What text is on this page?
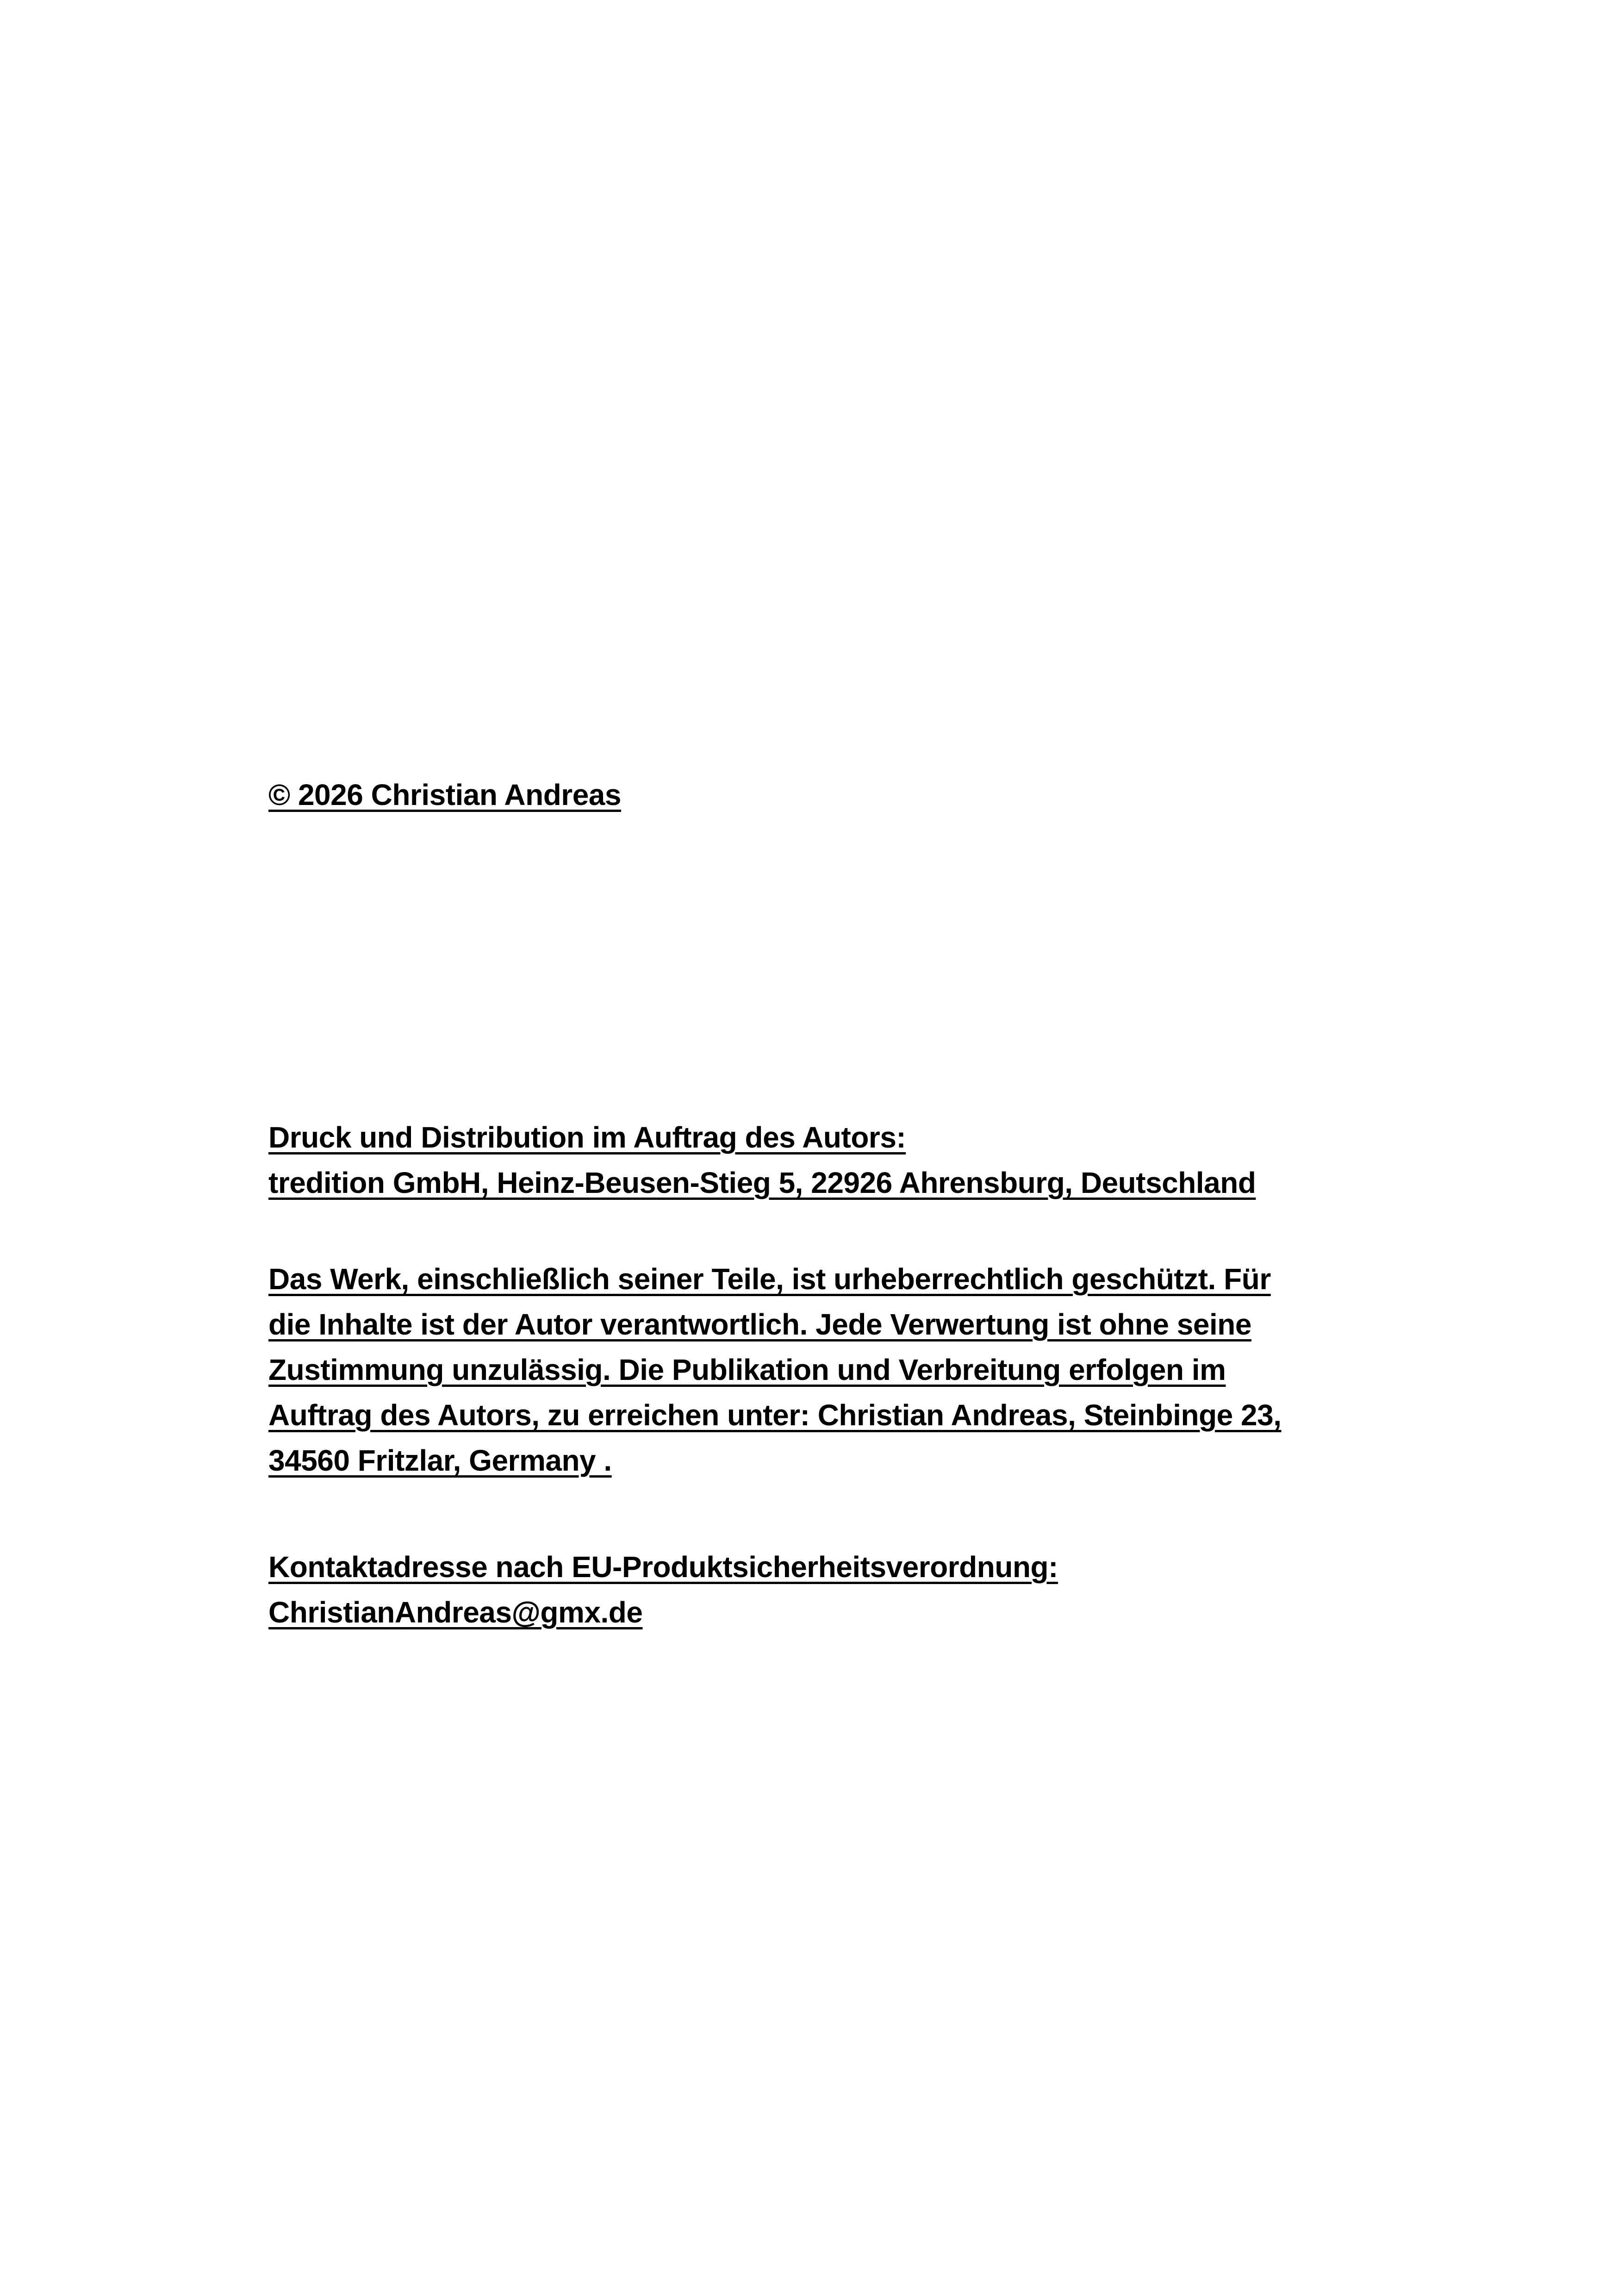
© 2026 Christian Andreas
Druck und Distribution im Auftrag des Autors:
tredition GmbH, Heinz-Beusen-Stieg 5, 22926 Ahrensburg, Deutschland
Das Werk, einschließlich seiner Teile, ist urheberrechtlich geschützt. Für
die Inhalte ist der Autor verantwortlich. Jede Verwertung ist ohne seine
Zustimmung unzulässig. Die Publikation und Verbreitung erfolgen im
Auftrag des Autors, zu erreichen unter: Christian Andreas, Steinbinge 23,
34560 Fritzlar, Germany .
Kontaktadresse nach EU-Produktsicherheitsverordnung:
ChristianAndreas@gmx.de
